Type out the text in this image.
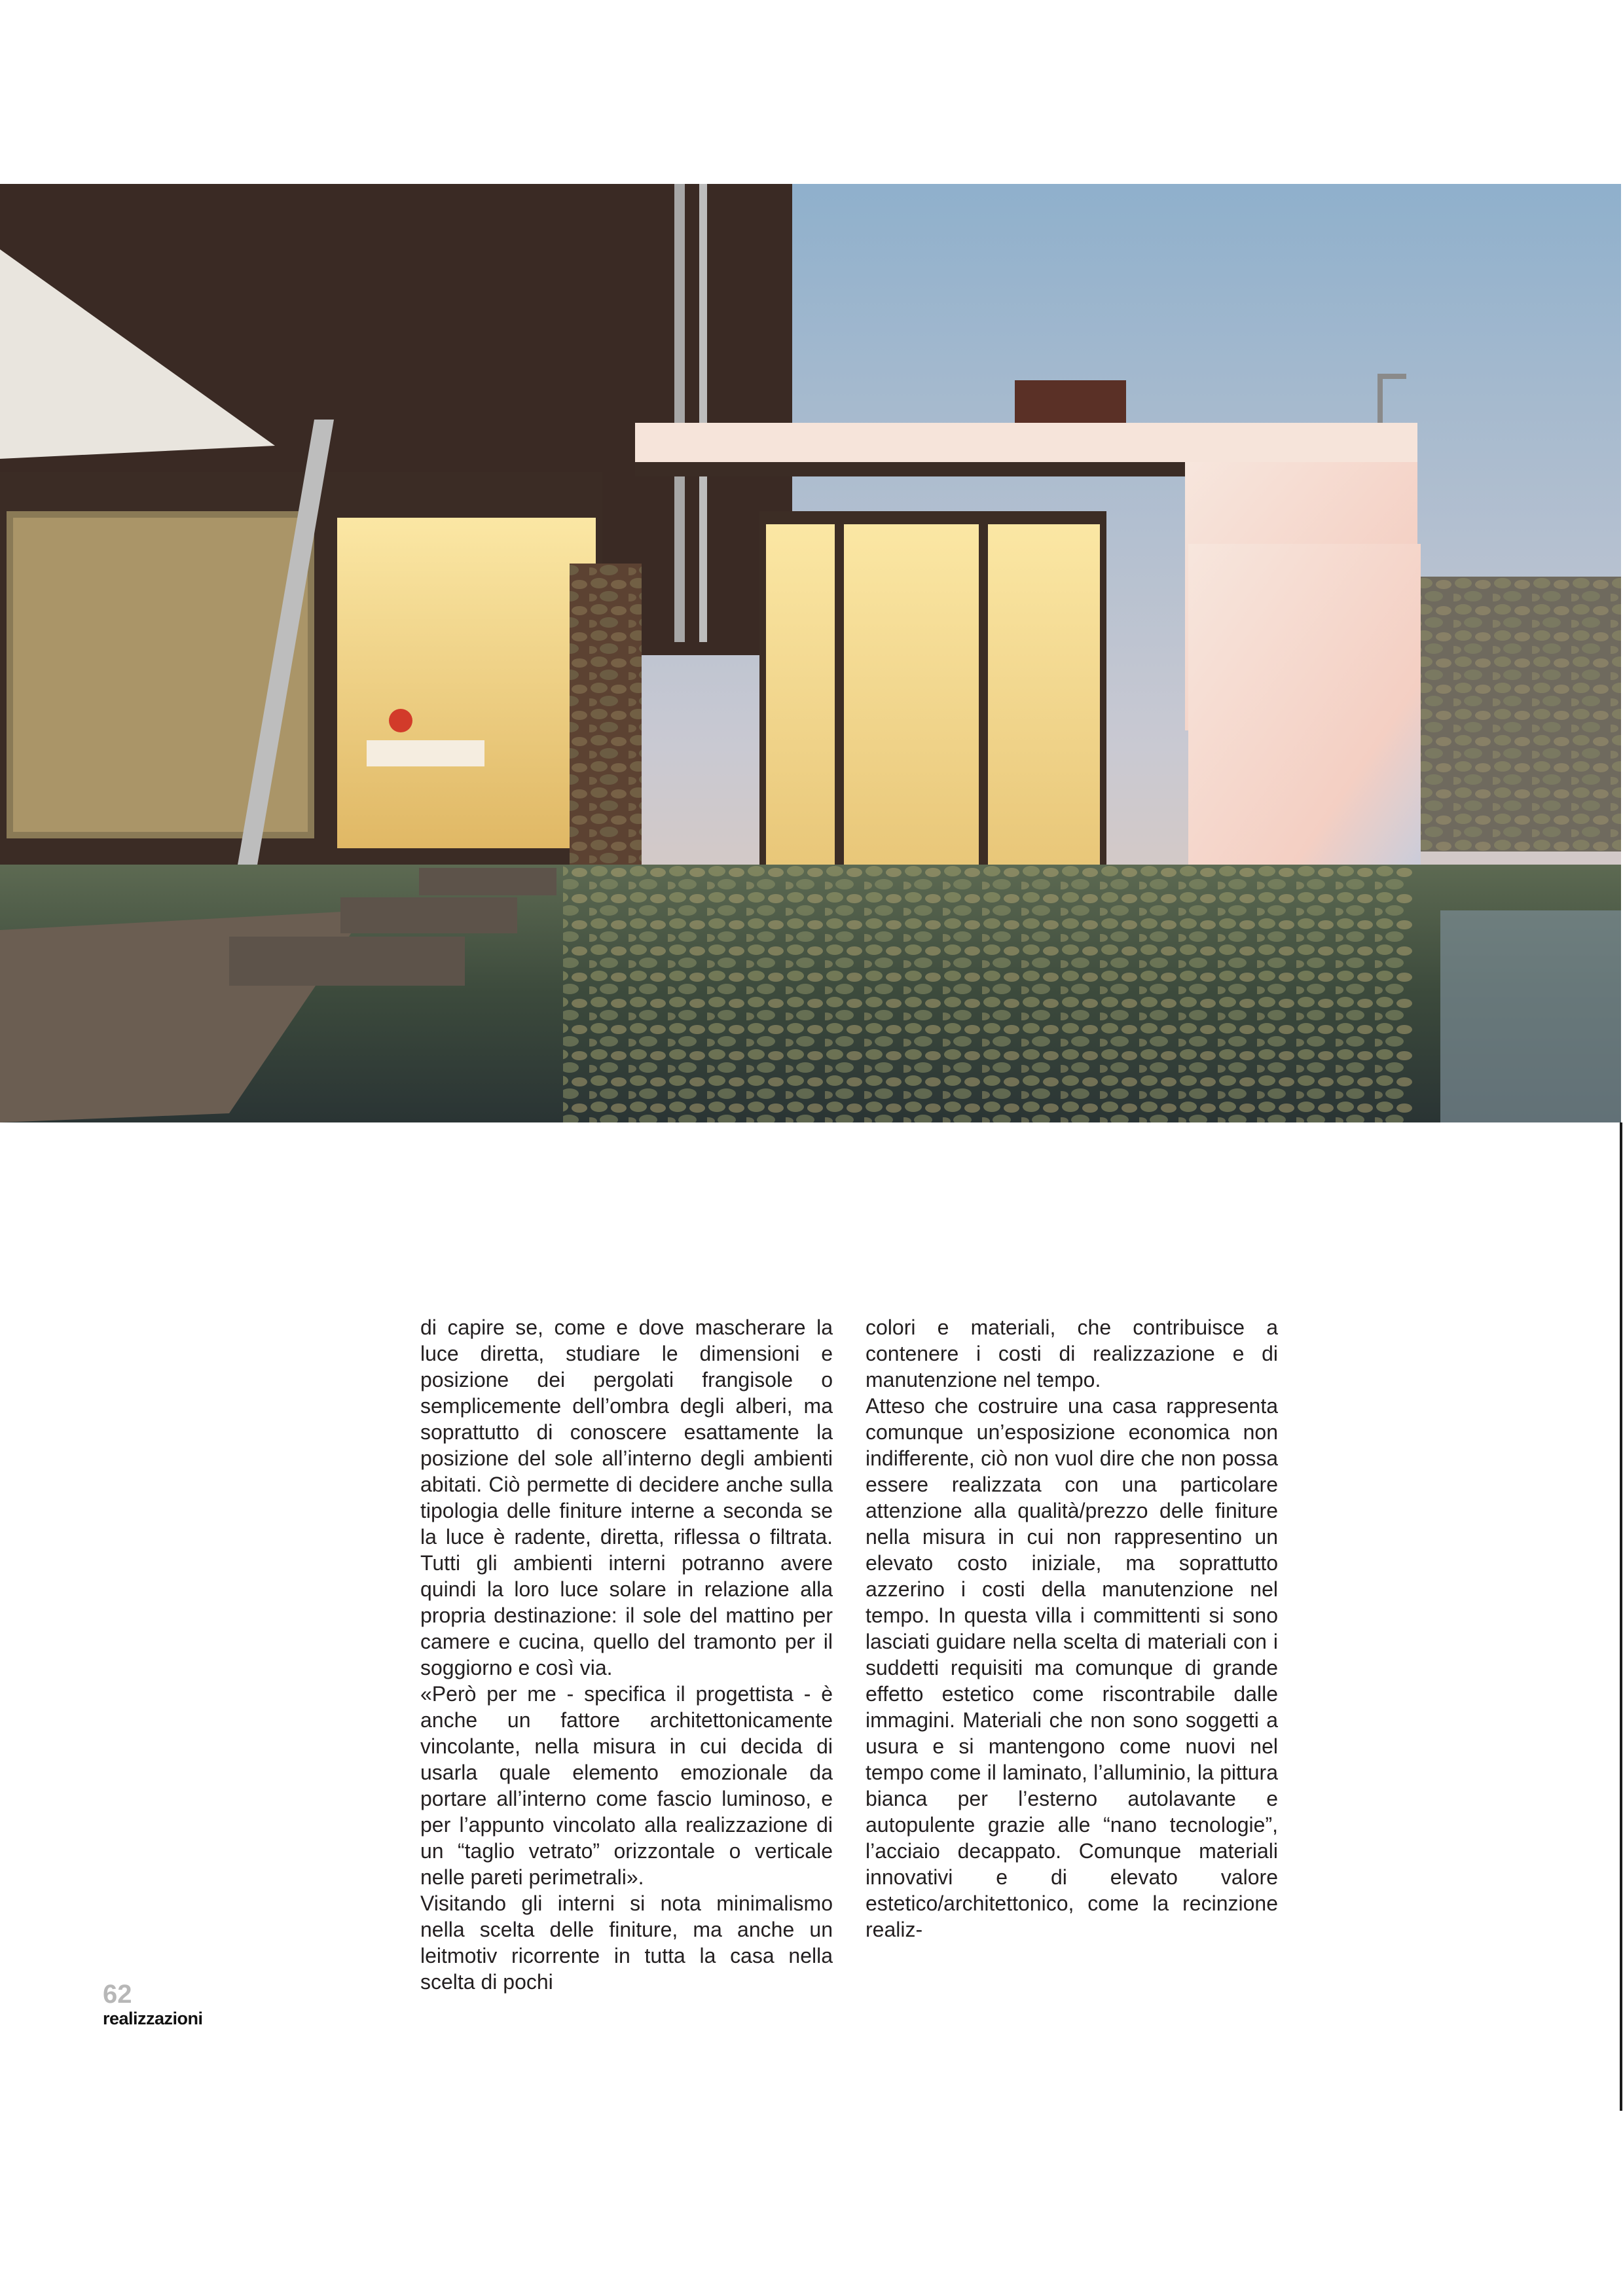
di capire se, come e dove mascherare la luce diretta, studiare le dimensioni e posizione dei pergolati frangisole o semplicemente dell’ombra degli alberi, ma soprattutto di conoscere esattamente la posizione del sole all’interno degli ambienti abitati. Ciò permette di decidere anche sulla tipologia delle finiture interne a seconda se la luce è radente, diretta, riflessa o filtrata. Tutti gli ambienti interni potranno avere quindi la loro luce solare in relazione alla propria destinazione: il sole del mattino per camere e cucina, quello del tramonto per il soggiorno e così via.

«Però per me - specifica il progettista - è anche un fattore architettonicamente vincolante, nella misura in cui decida di usarla quale elemento emozionale da portare all’interno come fascio luminoso, e per l’appunto vincolato alla realizzazione di un “taglio vetrato” orizzontale o verticale nelle pareti perimetrali».

Visitando gli interni si nota minimalismo nella scelta delle finiture, ma anche un leitmotiv ricorrente in tutta la casa nella scelta di pochi

colori e materiali, che contribuisce a contenere i costi di realizzazione e di manutenzione nel tempo.

Atteso che costruire una casa rappresenta comunque un’esposizione economica non indifferente, ciò non vuol dire che non possa essere realizzata con una particolare attenzione alla qualità/prezzo delle finiture nella misura in cui non rappresentino un elevato costo iniziale, ma soprattutto azzerino i costi della manutenzione nel tempo. In questa villa i committenti si sono lasciati guidare nella scelta di materiali con i suddetti requisiti ma comunque di grande effetto estetico come riscontrabile dalle immagini. Materiali che non sono soggetti a usura e si mantengono come nuovi nel tempo come il laminato, l’alluminio, la pittura bianca per l’esterno autolavante e autopulente grazie alle “nano tecnologie”, l’acciaio decappato. Comunque materiali innovativi e di elevato valore estetico/architettonico, come la recinzione realiz-

62
realizzazioni
